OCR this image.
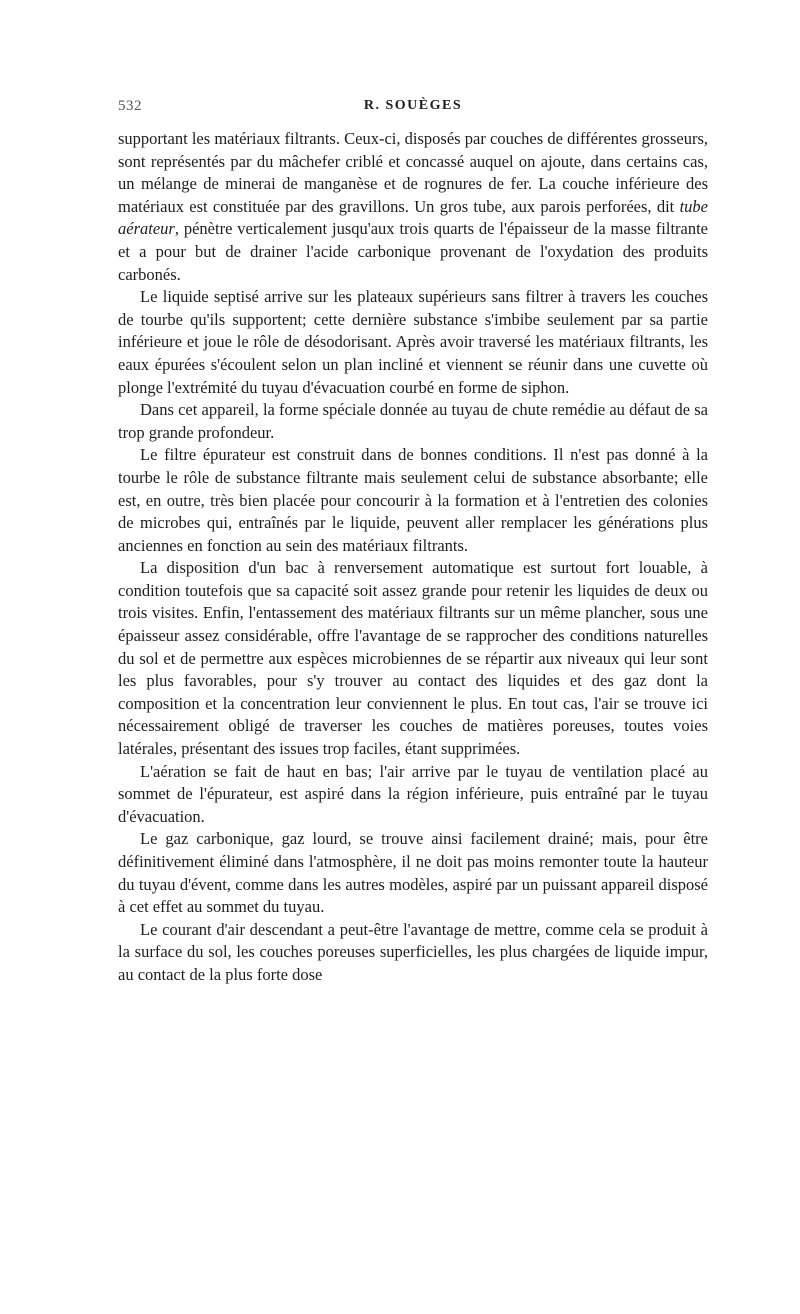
532	R. SOUÈGES

supportant les matériaux filtrants. Ceux-ci, disposés par couches de différentes grosseurs, sont représentés par du mâchefer criblé et concassé auquel on ajoute, dans certains cas, un mélange de minerai de manganèse et de rognures de fer. La couche inférieure des matériaux est constituée par des gravillons. Un gros tube, aux parois perforées, dit tube aérateur, pénètre verticalement jusqu'aux trois quarts de l'épaisseur de la masse filtrante et a pour but de drainer l'acide carbonique provenant de l'oxydation des produits carbonés.

Le liquide septisé arrive sur les plateaux supérieurs sans filtrer à travers les couches de tourbe qu'ils supportent; cette dernière substance s'imbibe seulement par sa partie inférieure et joue le rôle de désodorisant. Après avoir traversé les matériaux filtrants, les eaux épurées s'écoulent selon un plan incliné et viennent se réunir dans une cuvette où plonge l'extrémité du tuyau d'évacuation courbé en forme de siphon.

Dans cet appareil, la forme spéciale donnée au tuyau de chute remédie au défaut de sa trop grande profondeur.

Le filtre épurateur est construit dans de bonnes conditions. Il n'est pas donné à la tourbe le rôle de substance filtrante mais seulement celui de substance absorbante; elle est, en outre, très bien placée pour concourir à la formation et à l'entretien des colonies de microbes qui, entraînés par le liquide, peuvent aller remplacer les générations plus anciennes en fonction au sein des matériaux filtrants.

La disposition d'un bac à renversement automatique est surtout fort louable, à condition toutefois que sa capacité soit assez grande pour retenir les liquides de deux ou trois visites. Enfin, l'entassement des matériaux filtrants sur un même plancher, sous une épaisseur assez considérable, offre l'avantage de se rapprocher des conditions naturelles du sol et de permettre aux espèces microbiennes de se répartir aux niveaux qui leur sont les plus favorables, pour s'y trouver au contact des liquides et des gaz dont la composition et la concentration leur conviennent le plus. En tout cas, l'air se trouve ici nécessairement obligé de traverser les couches de matières poreuses, toutes voies latérales, présentant des issues trop faciles, étant supprimées.

L'aération se fait de haut en bas; l'air arrive par le tuyau de ventilation placé au sommet de l'épurateur, est aspiré dans la région inférieure, puis entraîné par le tuyau d'évacuation.

Le gaz carbonique, gaz lourd, se trouve ainsi facilement drainé; mais, pour être définitivement éliminé dans l'atmosphère, il ne doit pas moins remonter toute la hauteur du tuyau d'évent, comme dans les autres modèles, aspiré par un puissant appareil disposé à cet effet au sommet du tuyau.

Le courant d'air descendant a peut-être l'avantage de mettre, comme cela se produit à la surface du sol, les couches poreuses superficielles, les plus chargées de liquide impur, au contact de la plus forte dose
